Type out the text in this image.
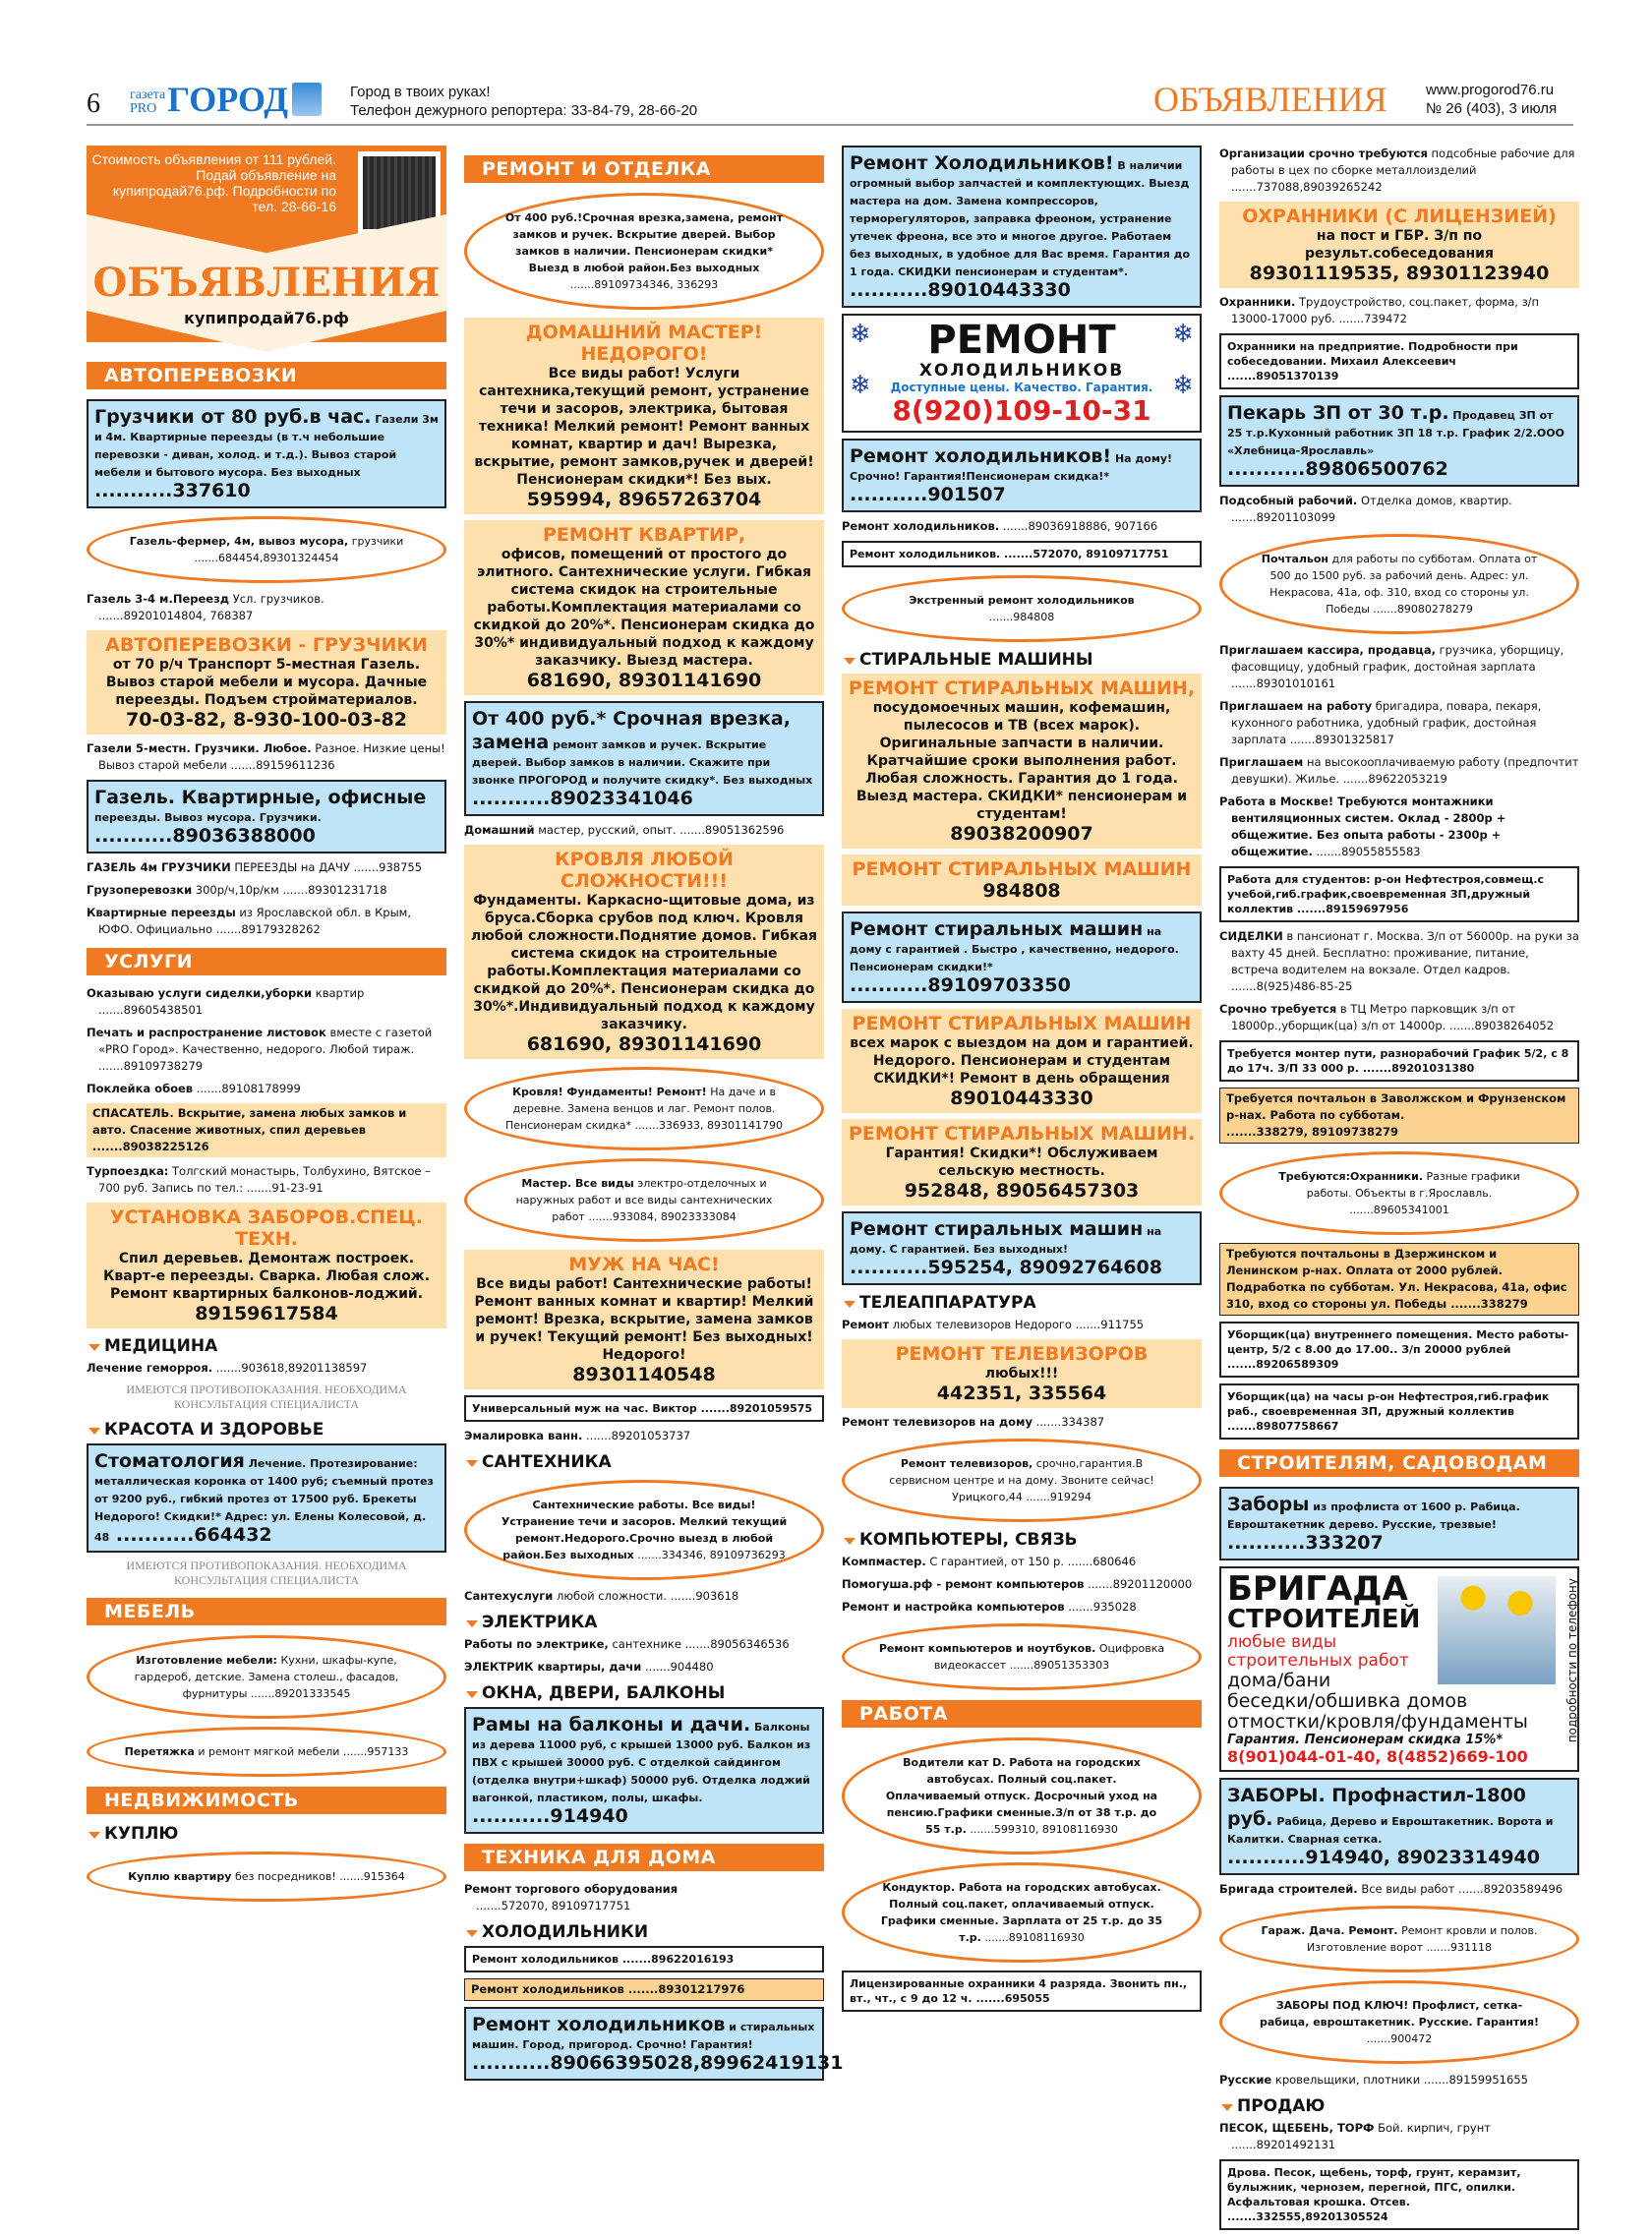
6 газета
PRO ГОРОД	Город в твоих руках!
Телефон дежурного репортера: 33-84-79, 28-66-20	ОБЪЯВЛЕНИЯ	www.progorod76.ru
№ 26 (403), 3 июля
Стоимость объявления от 111 рублей. Подай объявление на купипродай76.рф. Подробности по тел. 28-66-16
ОБЪЯВЛЕНИЯ
купипродай76.рф
АВТОПЕРЕВОЗКИ
Грузчики от 80 руб.в час. Газели 3м и 4м. Квартирные переезды (в т.ч небольшие перевозки - диван, холод. и т.д.). Вывоз старой мебели и бытового мусора. Без выходных..... 337610
Газель-фермер, 4м, вывоз мусора, грузчики ....... 684454,89301324454
Газель 3-4 м.Переезд Усл. грузчиков. ....... 89201014804, 768387
АВТОПЕРЕВОЗКИ - ГРУЗЧИКИ
от 70 р/ч Транспорт 5-местная Газель. Вывоз старой мебели и мусора. Дачные переезды. Подъем стройматериалов.
70-03-82, 8-930-100-03-82
Газели 5-местн. Грузчики. Любое. Разное. Низкие цены! Вывоз старой мебели	....... 89159611236
Газель. Квартирные, офисные переезды. Вывоз мусора. Грузчики...... 89036388000
ГАЗЕЛЬ 4м ГРУЗЧИКИ ПЕРЕЕЗДЫ на ДАЧУ	....... 938755
Грузоперевозки 300р/ч,10р/км	....... 89301231718
Квартирные переезды из Ярославской обл. в Крым, ЮФО. Официально	....... 89179328262
УСЛУГИ
Оказываю услуги сиделки,уборки квартир ....... 89605438501
Печать и распространение листовок вместе с газетой «PRO Город». Качественно, недорого. Любой тираж. ....... 89109738279
Поклейка обоев	....... 89108178999
СПАСАТЕЛЬ. Вскрытие, замена любых замков и авто. Спасение животных, спил деревьев ....... 89038225126
Турпоездка: Толгский монастырь, Толбухино, Вятское – 700 руб. Запись по тел.:	....... 91-23-91
УСТАНОВКА ЗАБОРОВ.СПЕЦ. ТЕХН.
Спил деревьев. Демонтаж построек. Кварт-е переезды. Сварка. Любая слож. Ремонт квартирных балконов-лоджий.
89159617584
МЕДИЦИНА
Лечение геморроя.	....... 903618,89201138597
ИМЕЮТСЯ ПРОТИВОПОКАЗАНИЯ. НЕОБХОДИМА КОНСУЛЬТАЦИЯ СПЕЦИАЛИСТА
КРАСОТА И ЗДОРОВЬЕ
Стоматология Лечение. Протезирование: металлическая коронка от 1400 руб; съемный протез от 9200 руб., гибкий протез от 17500 руб. Брекеты Недорого! Скидки!* Адрес: ул. Елены Колесовой, д. 48	..... 664432
ИМЕЮТСЯ ПРОТИВОПОКАЗАНИЯ. НЕОБХОДИМА КОНСУЛЬТАЦИЯ СПЕЦИАЛИСТА
МЕБЕЛЬ
Изготовление мебели: Кухни, шкафы-купе, гардероб, детские. Замена столеш., фасадов, фурнитуры	....... 89201333545
Перетяжка и ремонт мягкой мебели	....... 957133
НЕДВИЖИМОСТЬ
КУПЛЮ
Куплю квартиру без посредников!	....... 915364
РЕМОНТ И ОТДЕЛКА
От 400 руб.!Срочная врезка,замена, ремонт замков и ручек. Вскрытие дверей. Выбор замков в наличии. Пенсионерам скидки* Выезд в любой район.Без выходных  ....... 89109734346, 336293
ДОМАШНИЙ МАСТЕР! НЕДОРОГО!
Все виды работ! Услуги сантехника,текущий ремонт, устранение течи и засоров, электрика, бытовая техника! Мелкий ремонт! Ремонт ванных комнат, квартир и дач! Вырезка, вскрытие, ремонт замков,ручек и дверей! Пенсионерам скидки*! Без вых.
595994, 89657263704
РЕМОНТ КВАРТИР,
офисов, помещений от простого до элитного. Сантехнические услуги. Гибкая система скидок на строительные работы.Комплектация материалами со скидкой до 20%*. Пенсионерам скидка до 30%* индивидуальный подход к каждому заказчику. Выезд мастера.
681690, 89301141690
От 400 руб.* Срочная врезка, замена ремонт замков и ручек. Вскрытие дверей. Выбор замков в наличии. Скажите при звонке ПРОГОРОД и получите скидку*. Без выходных..... 89023341046
Домашний мастер, русский, опыт.	....... 89051362596
КРОВЛЯ ЛЮБОЙ СЛОЖНОСТИ!!!
Фундаменты. Каркасно-щитовые дома, из бруса.Сборка срубов под ключ. Кровля любой сложности.Поднятие домов. Гибкая система скидок на строительные работы.Комплектация материалами со скидкой до 20%*. Пенсионерам скидка до 30%*.Индивидуальный подход к каждому заказчику.
681690, 89301141690
Кровля! Фундаменты! Ремонт! На даче и в деревне. Замена венцов и лаг. Ремонт полов. Пенсионерам скидка*	....... 336933, 89301141790
Мастер. Все виды электро-отделочных и наружных работ и все виды сантехнических работ	....... 933084, 89023333084
МУЖ НА ЧАС!
Все виды работ! Сантехнические работы! Ремонт ванных комнат и квартир! Мелкий ремонт! Врезка, вскрытие, замена замков и ручек! Текущий ремонт! Без выходных! Недорого!
89301140548
Универсальный муж на час. Виктор	....... 89201059575
Эмалировка ванн.	....... 89201053737
САНТЕХНИКА
Сантехнические работы. Все виды! Устранение течи и засоров. Мелкий текущий ремонт.Недорого.Срочно выезд в любой район.Без выходных	....... 334346, 89109736293
Сантехуслуги любой сложности.	....... 903618
ЭЛЕКТРИКА
Работы по электрике, сантехнике	....... 89056346536
ЭЛЕКТРИК квартиры, дачи	....... 904480
ОКНА, ДВЕРИ, БАЛКОНЫ
Рамы на балконы и дачи. Балконы из дерева 11000 руб, с крышей 13000 руб. Балкон из ПВХ с крышей 30000 руб. С отделкой сайдингом (отделка внутри+шкаф) 50000 руб. Отделка лоджий вагонкой, пластиком, полы, шкафы...... 914940
ТЕХНИКА ДЛЯ ДОМА
Ремонт торгового оборудования  ....... 572070, 89109717751
ХОЛОДИЛЬНИКИ
Ремонт холодильников	....... 89622016193
Ремонт холодильников	....... 89301217976
Ремонт холодильников и стиральных машин. Город, пригород. Срочно! Гарантия!..... 89066395028,89962419131
Ремонт Холодильников! В наличии огромный выбор запчастей и комплектующих. Выезд мастера на дом. Замена компрессоров, терморегуляторов, заправка фреоном, устранение утечек фреона, все это и многое другое. Работаем без выходных, в удобное для Вас время. Гарантия до 1 года. СКИДКИ пенсионерам и студентам*...... 89010443330
❄	❄
❄	❄
РЕМОНТ
ХОЛОДИЛЬНИКОВ
Доступные цены. Качество. Гарантия.
8(920)109-10-31
Ремонт холодильников! На дому! Срочно! Гарантия!Пенсионерам скидка!*..... 901507
Ремонт холодильников.	....... 89036918886, 907166
Ремонт холодильников.	....... 572070, 89109717751
Экстренный ремонт холодильников  ....... 984808
СТИРАЛЬНЫЕ МАШИНЫ
РЕМОНТ СТИРАЛЬНЫХ МАШИН,
посудомоечных машин, кофемашин, пылесосов и ТВ (всех марок). Оригинальные запчасти в наличии. Кратчайшие сроки выполнения работ. Любая сложность. Гарантия до 1 года. Выезд мастера. СКИДКИ* пенсионерам и студентам!
89038200907
РЕМОНТ СТИРАЛЬНЫХ МАШИН
984808
Ремонт стиральных машин на дому с гарантией . Быстро , качественно, недорого. Пенсионерам скидки!*..... 89109703350
РЕМОНТ СТИРАЛЬНЫХ МАШИН
всех марок с выездом на дом и гарантией. Недорого. Пенсионерам и студентам СКИДКИ*! Ремонт в день обращения
89010443330
РЕМОНТ СТИРАЛЬНЫХ МАШИН.
Гарантия! Скидки*! Обслуживаем сельскую местность.
952848, 89056457303
Ремонт стиральных машин на дому. С гарантией. Без выходных!..... 595254, 89092764608
ТЕЛЕАППАРАТУРА
Ремонт любых телевизоров Недорого	....... 911755
РЕМОНТ ТЕЛЕВИЗОРОВ
любых!!!
442351, 335564
Ремонт телевизоров на дому	....... 334387
Ремонт телевизоров, срочно,гарантия.В сервисном центре и на дому. Звоните сейчас! Урицкого,44	....... 919294
КОМПЬЮТЕРЫ, СВЯЗЬ
Компмастер. С гарантией, от 150 р.	....... 680646
Помогуша.рф - ремонт компьютеров	....... 89201120000
Ремонт и настройка компьютеров	....... 935028
Ремонт компьютеров и ноутбуков. Оцифровка видеокассет	....... 89051353303
РАБОТА
Водители кат D. Работа на городских автобусах. Полный соц.пакет. Оплачиваемый отпуск. Досрочный уход на пенсию.Графики сменные.З/п от 38 т.р. до 55 т.р.	....... 599310, 89108116930
Кондуктор. Работа на городских автобусах. Полный соц.пакет, оплачиваемый отпуск. Графики сменные. Зарплата от 25 т.р. до 35 т.р.	....... 89108116930
Лицензированные охранники 4 разряда. Звонить пн., вт., чт., с 9 до 12 ч.	....... 695055
Организации срочно требуются подсобные рабочие для работы в цех по сборке металлоизделий ....... 737088,89039265242
ОХРАННИКИ (С ЛИЦЕНЗИЕЙ)
на пост и ГБР. З/п по результ.собеседования
89301119535, 89301123940
Охранники. Трудоустройство, соц.пакет, форма, з/п 13000-17000 руб.	....... 739472
Охранники на предприятие. Подробности при собеседовании. Михаил Алексеевич ....... 89051370139
Пекарь ЗП от 30 т.р. Продавец ЗП от 25 т.р.Кухонный работник ЗП 18 т.р. График 2/2.ООО «Хлебница-Ярославль»..... 89806500762
Подсобный рабочий. Отделка домов, квартир. ....... 89201103099
Почтальон для работы по субботам. Оплата от 500 до 1500 руб. за рабочий день. Адрес: ул. Некрасова, 41а, оф. 310, вход со стороны ул. Победы	....... 89080278279
Приглашаем кассира, продавца, грузчика, уборщицу, фасовщицу, удобный график, достойная зарплата ....... 89301010161
Приглашаем на работу бригадира, повара, пекаря, кухонного работника, удобный график, достойная зарплата	....... 89301325817
Приглашаем на высокооплачиваемую работу (предпочтит девушки). Жилье.	....... 89622053219
Работа в Москве! Требуются монтажники вентиляционных систем. Оклад - 2800р + общежитие. Без опыта работы - 2300р + общежитие.	....... 89055855583
Работа для студентов: р-он Нефтестроя,совмещ.с учебой,гиб.график,своевременная ЗП,дружный коллектив	....... 89159697956
СИДЕЛКИ в пансионат г. Москва. З/п от 56000р. на руки за вахту 45 дней. Бесплатно: проживание, питание, встреча водителем на вокзале. Отдел кадров. ....... 8(925)486-85-25
Срочно требуется в ТЦ Метро парковщик з/п от 18000р.,уборщик(ца) з/п от 14000р.	....... 89038264052
Требуется монтер пути, разнорабочий График 5/2, с 8 до 17ч. З/П 33 000 р.	....... 89201031380
Требуется почтальон в Заволжском и Фрунзенском р-нах. Работа по субботам. ....... 338279, 89109738279
Требуются:Охранники. Разные графики работы. Объекты в г.Ярославль. ....... 89605341001
Требуются почтальоны в Дзержинском и Ленинском р-нах. Оплата от 2000 рублей. Подработка по субботам. Ул. Некрасова, 41а, офис 310, вход со стороны ул. Победы	....... 338279
Уборщик(ца) внутреннего помещения. Место работы-центр, 5/2 с 8.00 до 17.00.. З/п 20000 рублей ....... 89206589309
Уборщик(ца) на часы р-он Нефтестроя,гиб.график раб., своевременная ЗП, дружный коллектив ....... 89807758667
СТРОИТЕЛЯМ, САДОВОДАМ
Заборы из профлиста от 1600 р. Рабица. Евроштакетник дерево. Русские, трезвые!..... 333207
БРИГАДА
СТРОИТЕЛЕЙ
любые виды
строительных работ
дома/бани
беседки/обшивка домов
отмостки/кровля/фундаменты
Гарантия. Пенсионерам скидка 15%*
8(901)044-01-40, 8(4852)669-100
подробности по телефону
ЗАБОРЫ. Профнастил-1800 руб. Рабица, Дерево и Евроштакетник. Ворота и Калитки. Сварная сетка...... 914940, 89023314940
Бригада строителей. Все виды работ	....... 89203589496
Гараж. Дача. Ремонт. Ремонт кровли и полов. Изготовление ворот	....... 931118
ЗАБОРЫ ПОД КЛЮЧ! Профлист, сетка-рабица, евроштакетник. Русские. Гарантия!  ....... 900472
Русские кровельщики, плотники	....... 89159951655
ПРОДАЮ
ПЕСОК, ЩЕБЕНЬ, ТОРФ Бой. кирпич, грунт ....... 89201492131
Дрова. Песок, щебень, торф, грунт, керамзит, булыжник, чернозем, перегной, ПГС, опилки. Асфальтовая крошка. Отсев. ....... 332555,89201305524
